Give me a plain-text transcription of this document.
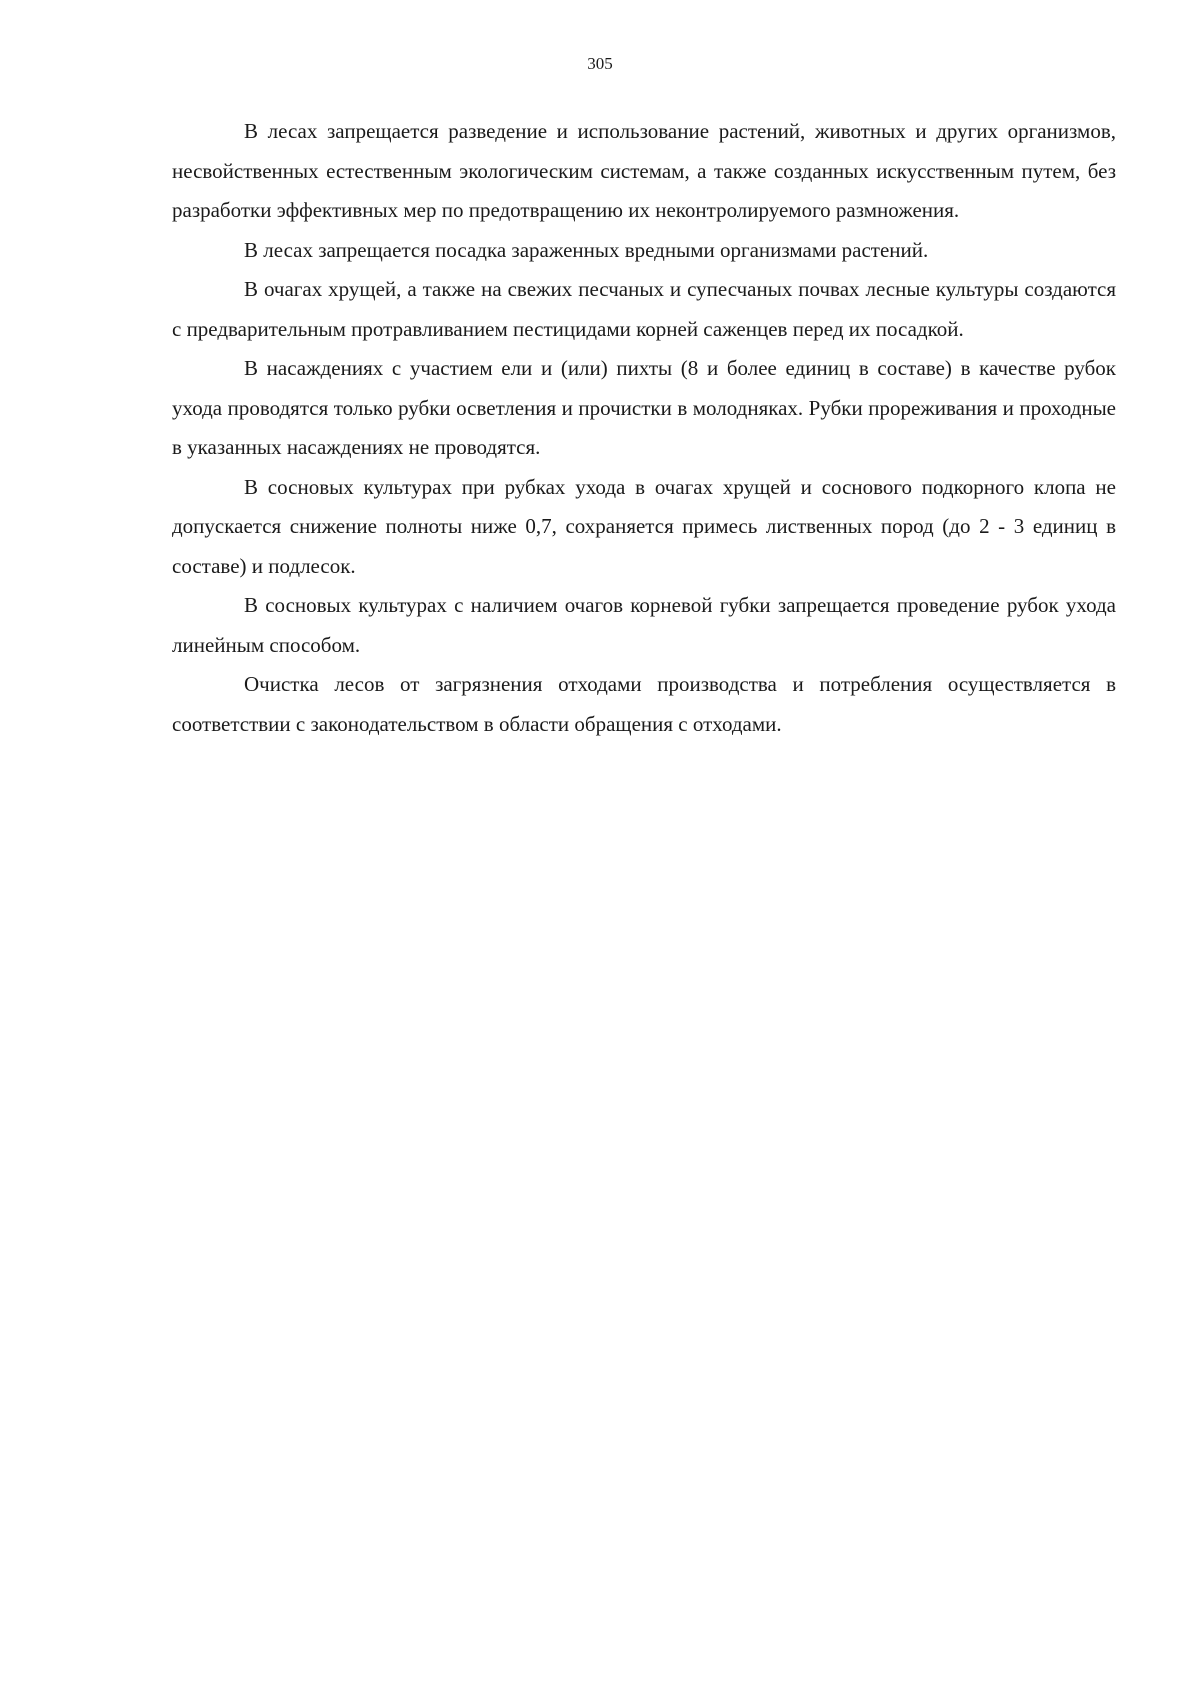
305

В лесах запрещается разведение и использование растений, животных и других организмов, несвойственных естественным экологическим системам, а также созданных искусственным путем, без разработки эффективных мер по предотвращению их неконтролируемого размножения.

В лесах запрещается посадка зараженных вредными организмами растений.

В очагах хрущей, а также на свежих песчаных и супесчаных почвах лесные культуры создаются с предварительным протравливанием пестицидами корней саженцев перед их посадкой.

В насаждениях с участием ели и (или) пихты (8 и более единиц в составе) в качестве рубок ухода проводятся только рубки осветления и прочистки в молодняках. Рубки прореживания и проходные в указанных насаждениях не проводятся.

В сосновых культурах при рубках ухода в очагах хрущей и соснового подкорного клопа не допускается снижение полноты ниже 0,7, сохраняется примесь лиственных пород (до 2 - 3 единиц в составе) и подлесок.

В сосновых культурах с наличием очагов корневой губки запрещается проведение рубок ухода линейным способом.

Очистка лесов от загрязнения отходами производства и потребления осуществляется в соответствии с законодательством в области обращения с отходами.
